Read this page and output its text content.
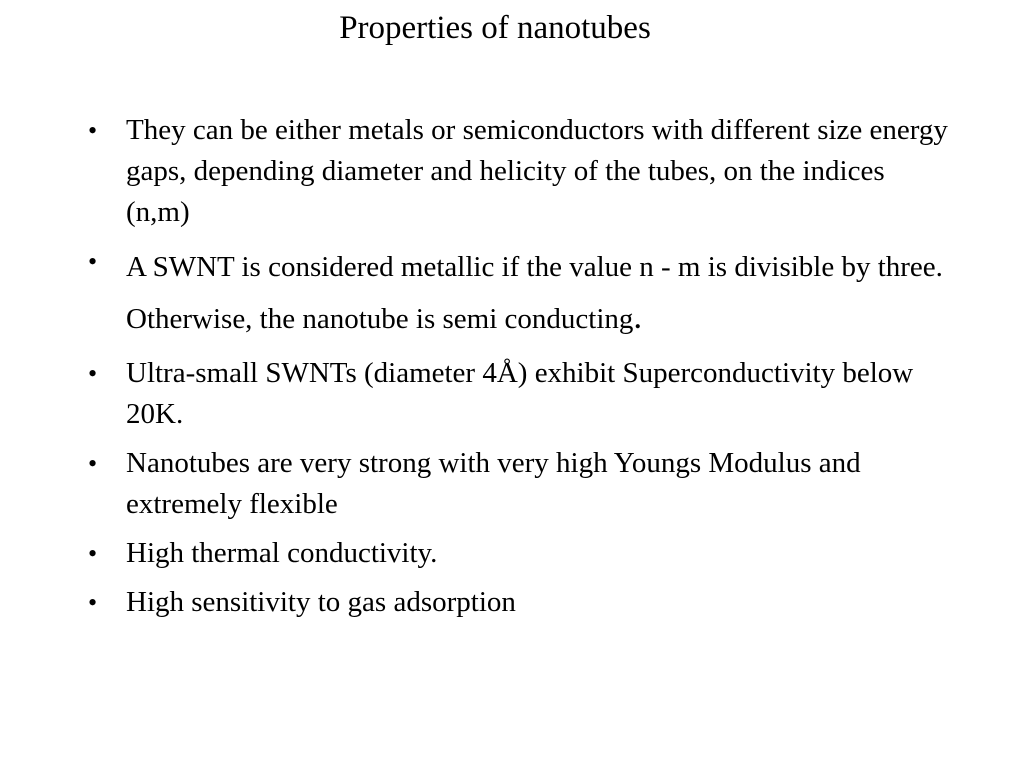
Properties of nanotubes
• They can be either metals or semiconductors with different size energy gaps, depending diameter and helicity of the tubes, on the indices (n,m)
• A SWNT is considered metallic if the value n - m is divisible by three. Otherwise, the nanotube is semi conducting.
• Ultra-small SWNTs (diameter 4Å) exhibit Superconductivity below 20K.
• Nanotubes are very strong with very high Youngs Modulus and extremely flexible
• High thermal conductivity.
• High sensitivity to gas adsorption
